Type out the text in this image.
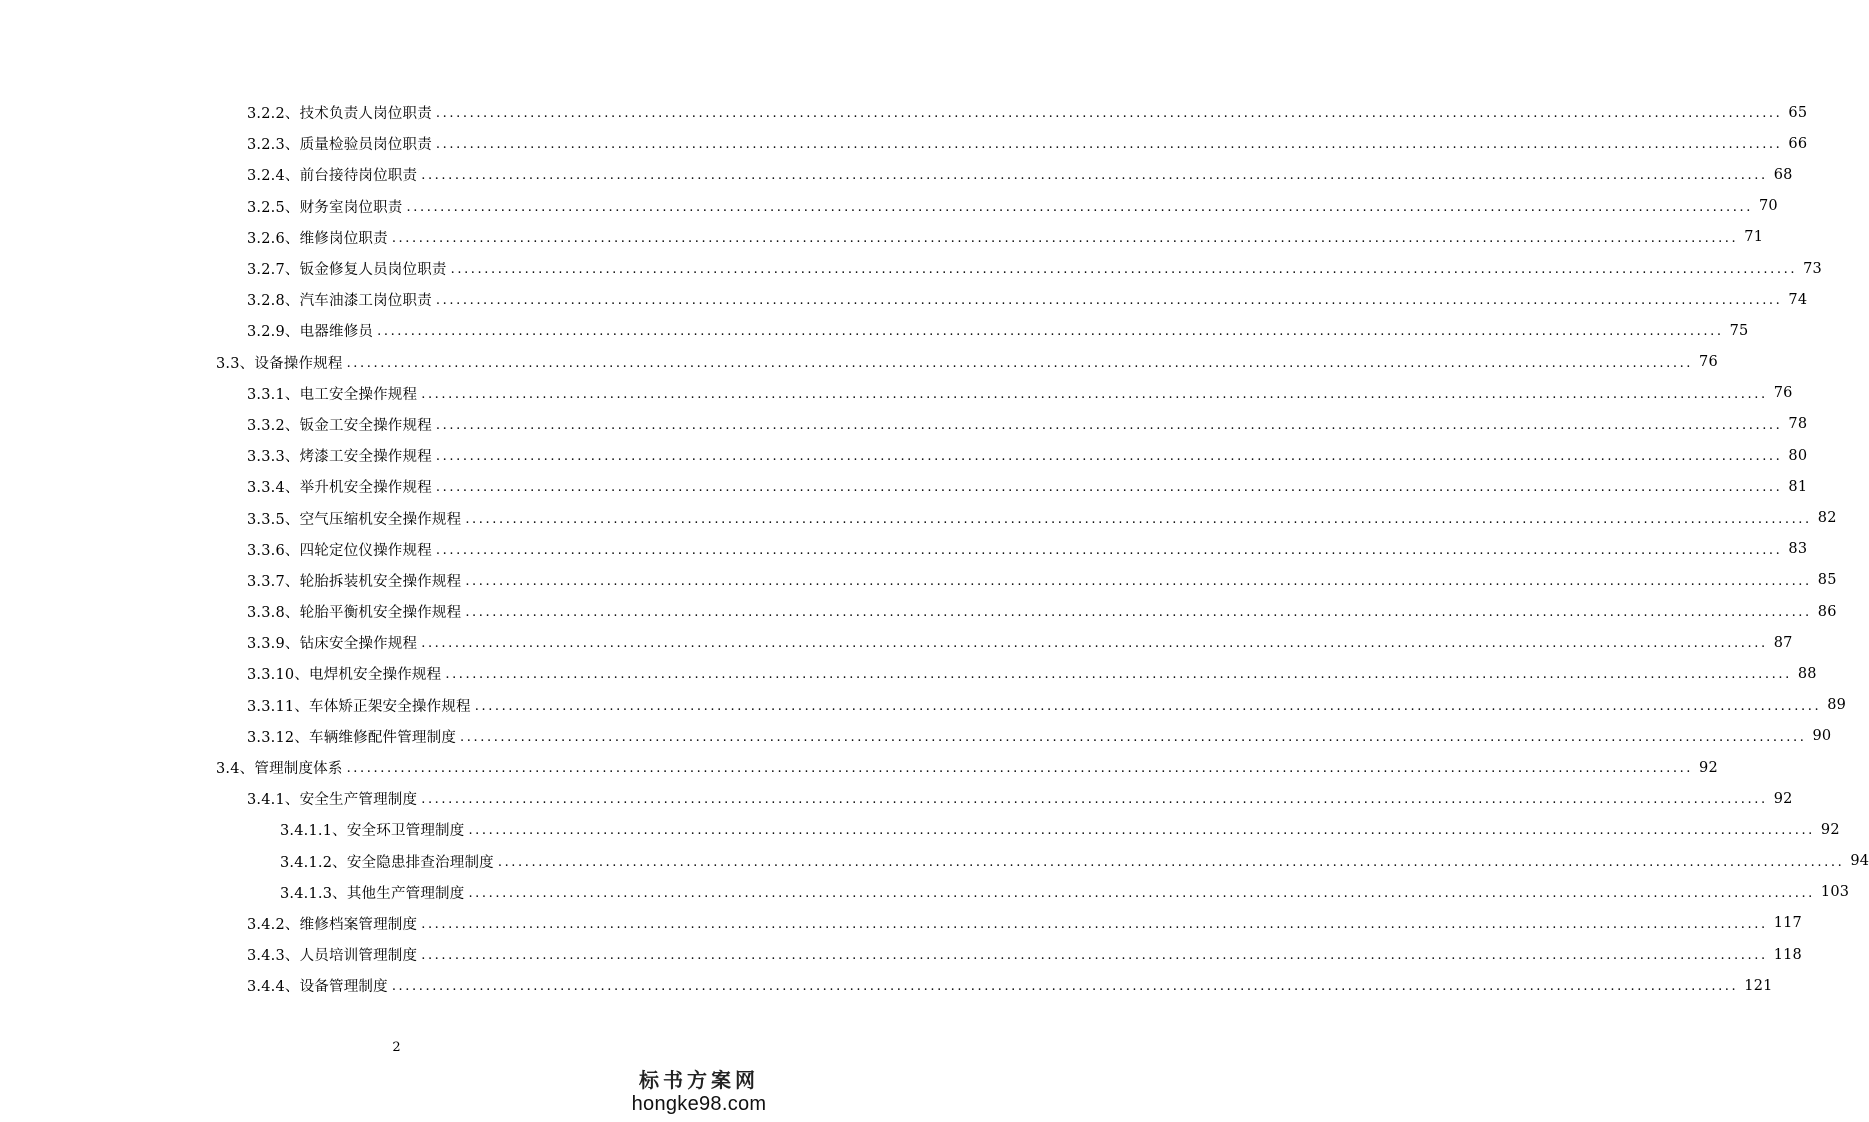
3.2.2、 技术负责人岗位职责 ........................................................................................................................................................................................................ 65
3.2.3、 质量检验员岗位职责 ........................................................................................................................................................................................................ 66
3.2.4、 前台接待岗位职责 ........................................................................................................................................................................................................ 68
3.2.5、 财务室岗位职责 ........................................................................................................................................................................................................ 70
3.2.6、 维修岗位职责 ........................................................................................................................................................................................................ 71
3.2.7、 钣金修复人员岗位职责 ........................................................................................................................................................................................................ 73
3.2.8、 汽车油漆工岗位职责 ........................................................................................................................................................................................................ 74
3.2.9、 电器维修员 ........................................................................................................................................................................................................ 75
3.3、 设备操作规程 ........................................................................................................................................................................................................ 76
3.3.1、 电工安全操作规程 ........................................................................................................................................................................................................ 76
3.3.2、 钣金工安全操作规程 ........................................................................................................................................................................................................ 78
3.3.3、 烤漆工安全操作规程 ........................................................................................................................................................................................................ 80
3.3.4、 举升机安全操作规程 ........................................................................................................................................................................................................ 81
3.3.5、 空气压缩机安全操作规程 ........................................................................................................................................................................................................ 82
3.3.6、 四轮定位仪操作规程 ........................................................................................................................................................................................................ 83
3.3.7、 轮胎拆装机安全操作规程 ........................................................................................................................................................................................................ 85
3.3.8、 轮胎平衡机安全操作规程 ........................................................................................................................................................................................................ 86
3.3.9、 钻床安全操作规程 ........................................................................................................................................................................................................ 87
3.3.10、 电焊机安全操作规程 ........................................................................................................................................................................................................ 88
3.3.11、 车体矫正架安全操作规程 ........................................................................................................................................................................................................ 89
3.3.12、 车辆维修配件管理制度 ........................................................................................................................................................................................................ 90
3.4、 管理制度体系 ........................................................................................................................................................................................................ 92
3.4.1、 安全生产管理制度 ........................................................................................................................................................................................................ 92
3.4.1.1、 安全环卫管理制度 ........................................................................................................................................................................................................ 92
3.4.1.2、 安全隐患排查治理制度 ........................................................................................................................................................................................................ 94
3.4.1.3、 其他生产管理制度 ........................................................................................................................................................................................................ 103
3.4.2、 维修档案管理制度 ........................................................................................................................................................................................................ 117
3.4.3、 人员培训管理制度 ........................................................................................................................................................................................................ 118
3.4.4、 设备管理制度 ........................................................................................................................................................................................................ 121
2
标书方案网
hongke98.com
